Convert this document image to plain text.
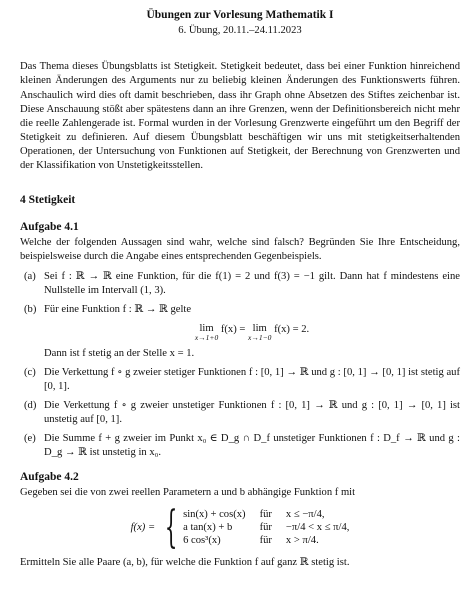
Übungen zur Vorlesung Mathematik I
6. Übung, 20.11.–24.11.2023
Das Thema dieses Übungsblatts ist Stetigkeit. Stetigkeit bedeutet, dass bei einer Funktion hinreichend kleinen Änderungen des Arguments nur zu beliebig kleinen Änderungen des Funktionswerts führen. Anschaulich wird dies oft damit beschrieben, dass ihr Graph ohne Absetzen des Stiftes zeichenbar ist. Diese Anschauung stößt aber spätestens dann an ihre Grenzen, wenn der Definitionsbereich nicht mehr die reelle Zahlengerade ist. Formal wurden in der Vorlesung Grenzwerte eingeführt um den Begriff der Stetigkeit zu definieren. Auf diesem Übungsblatt beschäftigen wir uns mit stetigkeitserhaltenden Operationen, der Untersuchung von Funktionen auf Stetigkeit, der Berechnung von Grenzwerten und der Klassifikation von Unstetigkeitsstellen.
4 Stetigkeit
Aufgabe 4.1
Welche der folgenden Aussagen sind wahr, welche sind falsch? Begründen Sie Ihre Entscheidung, beispielsweise durch die Angabe eines entsprechenden Gegenbeispiels.
(a) Sei f : ℝ → ℝ eine Funktion, für die f(1) = 2 und f(3) = −1 gilt. Dann hat f mindestens eine Nullstelle im Intervall (1, 3).
(b) Für eine Funktion f : ℝ → ℝ gelte
lim
x→1+0
f(x) = lim
x→1−0
f(x) = 2.
Dann ist f stetig an der Stelle x = 1.
(c) Die Verkettung f ∘ g zweier stetiger Funktionen f : [0, 1] → ℝ und g : [0, 1] → [0, 1] ist stetig auf [0, 1].
(d) Die Verkettung f ∘ g zweier unstetiger Funktionen f : [0, 1] → ℝ und g : [0, 1] → [0, 1] ist unstetig auf [0, 1].
(e) Die Summe f + g zweier im Punkt x₀ ∈ D_g ∩ D_f unstetiger Funktionen f : D_f → ℝ und g : D_g → ℝ ist unstetig in x₀.
Aufgabe 4.2
Gegeben sei die von zwei reellen Parametern a und b abhängige Funktion f mit
f(x) = { sin(x) + cos(x) für x ≤ −π/4,
a tan(x) + b	für −π/4 < x ≤ π/4,
6 cos³(x)	für x > π/4.
Ermitteln Sie alle Paare (a, b), für welche die Funktion f auf ganz ℝ stetig ist.
